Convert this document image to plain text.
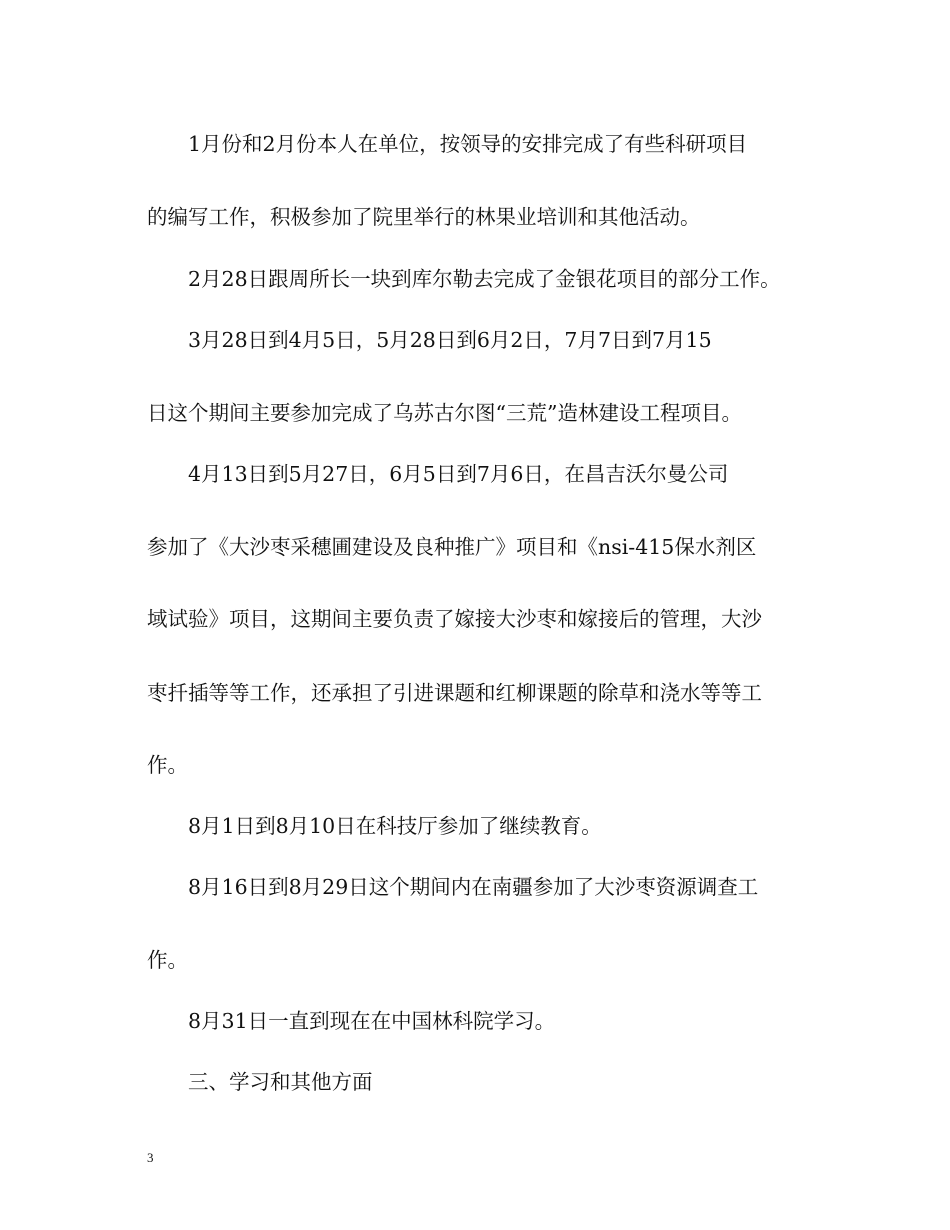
1月份和2月份本人在单位，按领导的安排完成了有些科研项目
的编写工作，积极参加了院里举行的林果业培训和其他活动。
2月28日跟周所长一块到库尔勒去完成了金银花项目的部分工作。
3月28日到4月5日，5月28日到6月2日，7月7日到7月15
日这个期间主要参加完成了乌苏古尔图“三荒”造林建设工程项目。
4月13日到5月27日，6月5日到7月6日，在昌吉沃尔曼公司
参加了《大沙枣采穗圃建设及良种推广》项目和《nsi-415保水剂区
域试验》项目，这期间主要负责了嫁接大沙枣和嫁接后的管理，大沙
枣扦插等等工作，还承担了引进课题和红柳课题的除草和浇水等等工
作。
8月1日到8月10日在科技厅参加了继续教育。
8月16日到8月29日这个期间内在南疆参加了大沙枣资源调查工
作。
8月31日一直到现在在中国林科院学习。
三、学习和其他方面
3
